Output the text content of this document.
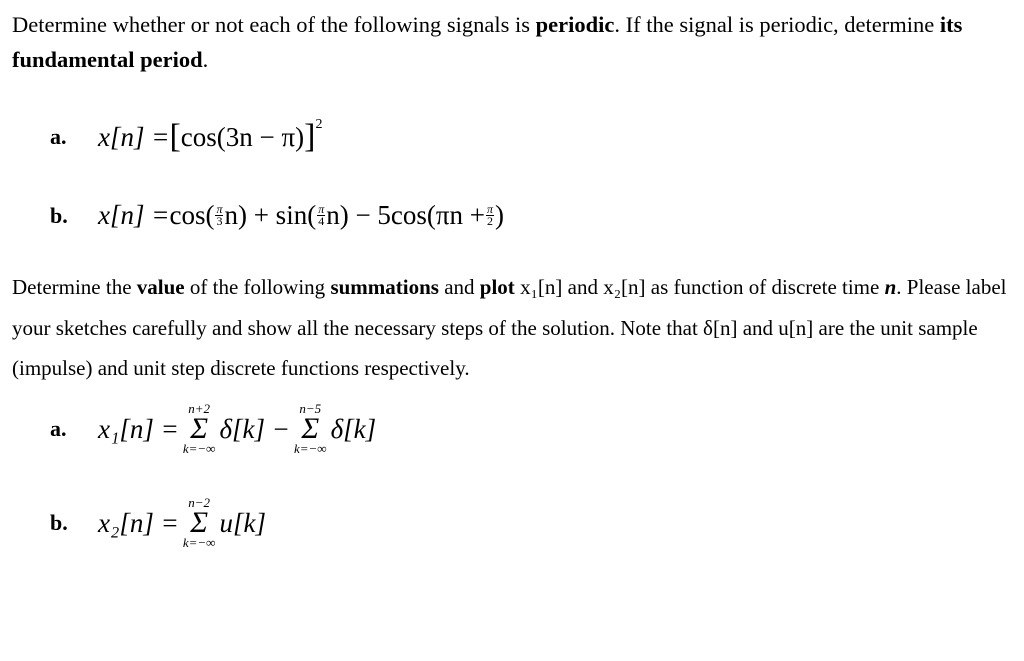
Determine whether or not each of the following signals is periodic. If the signal is periodic, determine its fundamental period.
a.	x[n] = [ cos(3n − π) ]$^2$
b.	$x[n] = \cos( \frac{\pi}{3} n) + \sin( \frac{\pi}{4} n) - 5\cos(\pi n + \frac{\pi}{2}$ )
Determine the value of the following summations and plot x₁[n] and x₂[n] as function of discrete time n. Please label your sketches carefully and show all the necessary steps of the solution. Note that δ[n] and u[n] are the unit sample (impulse) and unit step discrete functions respectively.
a.	x₁[n] =
n+2
Σ
k=−∞
δ[k] −
n−5
Σ
k=−∞
δ[k]
b.	x₂[n] =
n−2
Σ
k=−∞
u[k]
